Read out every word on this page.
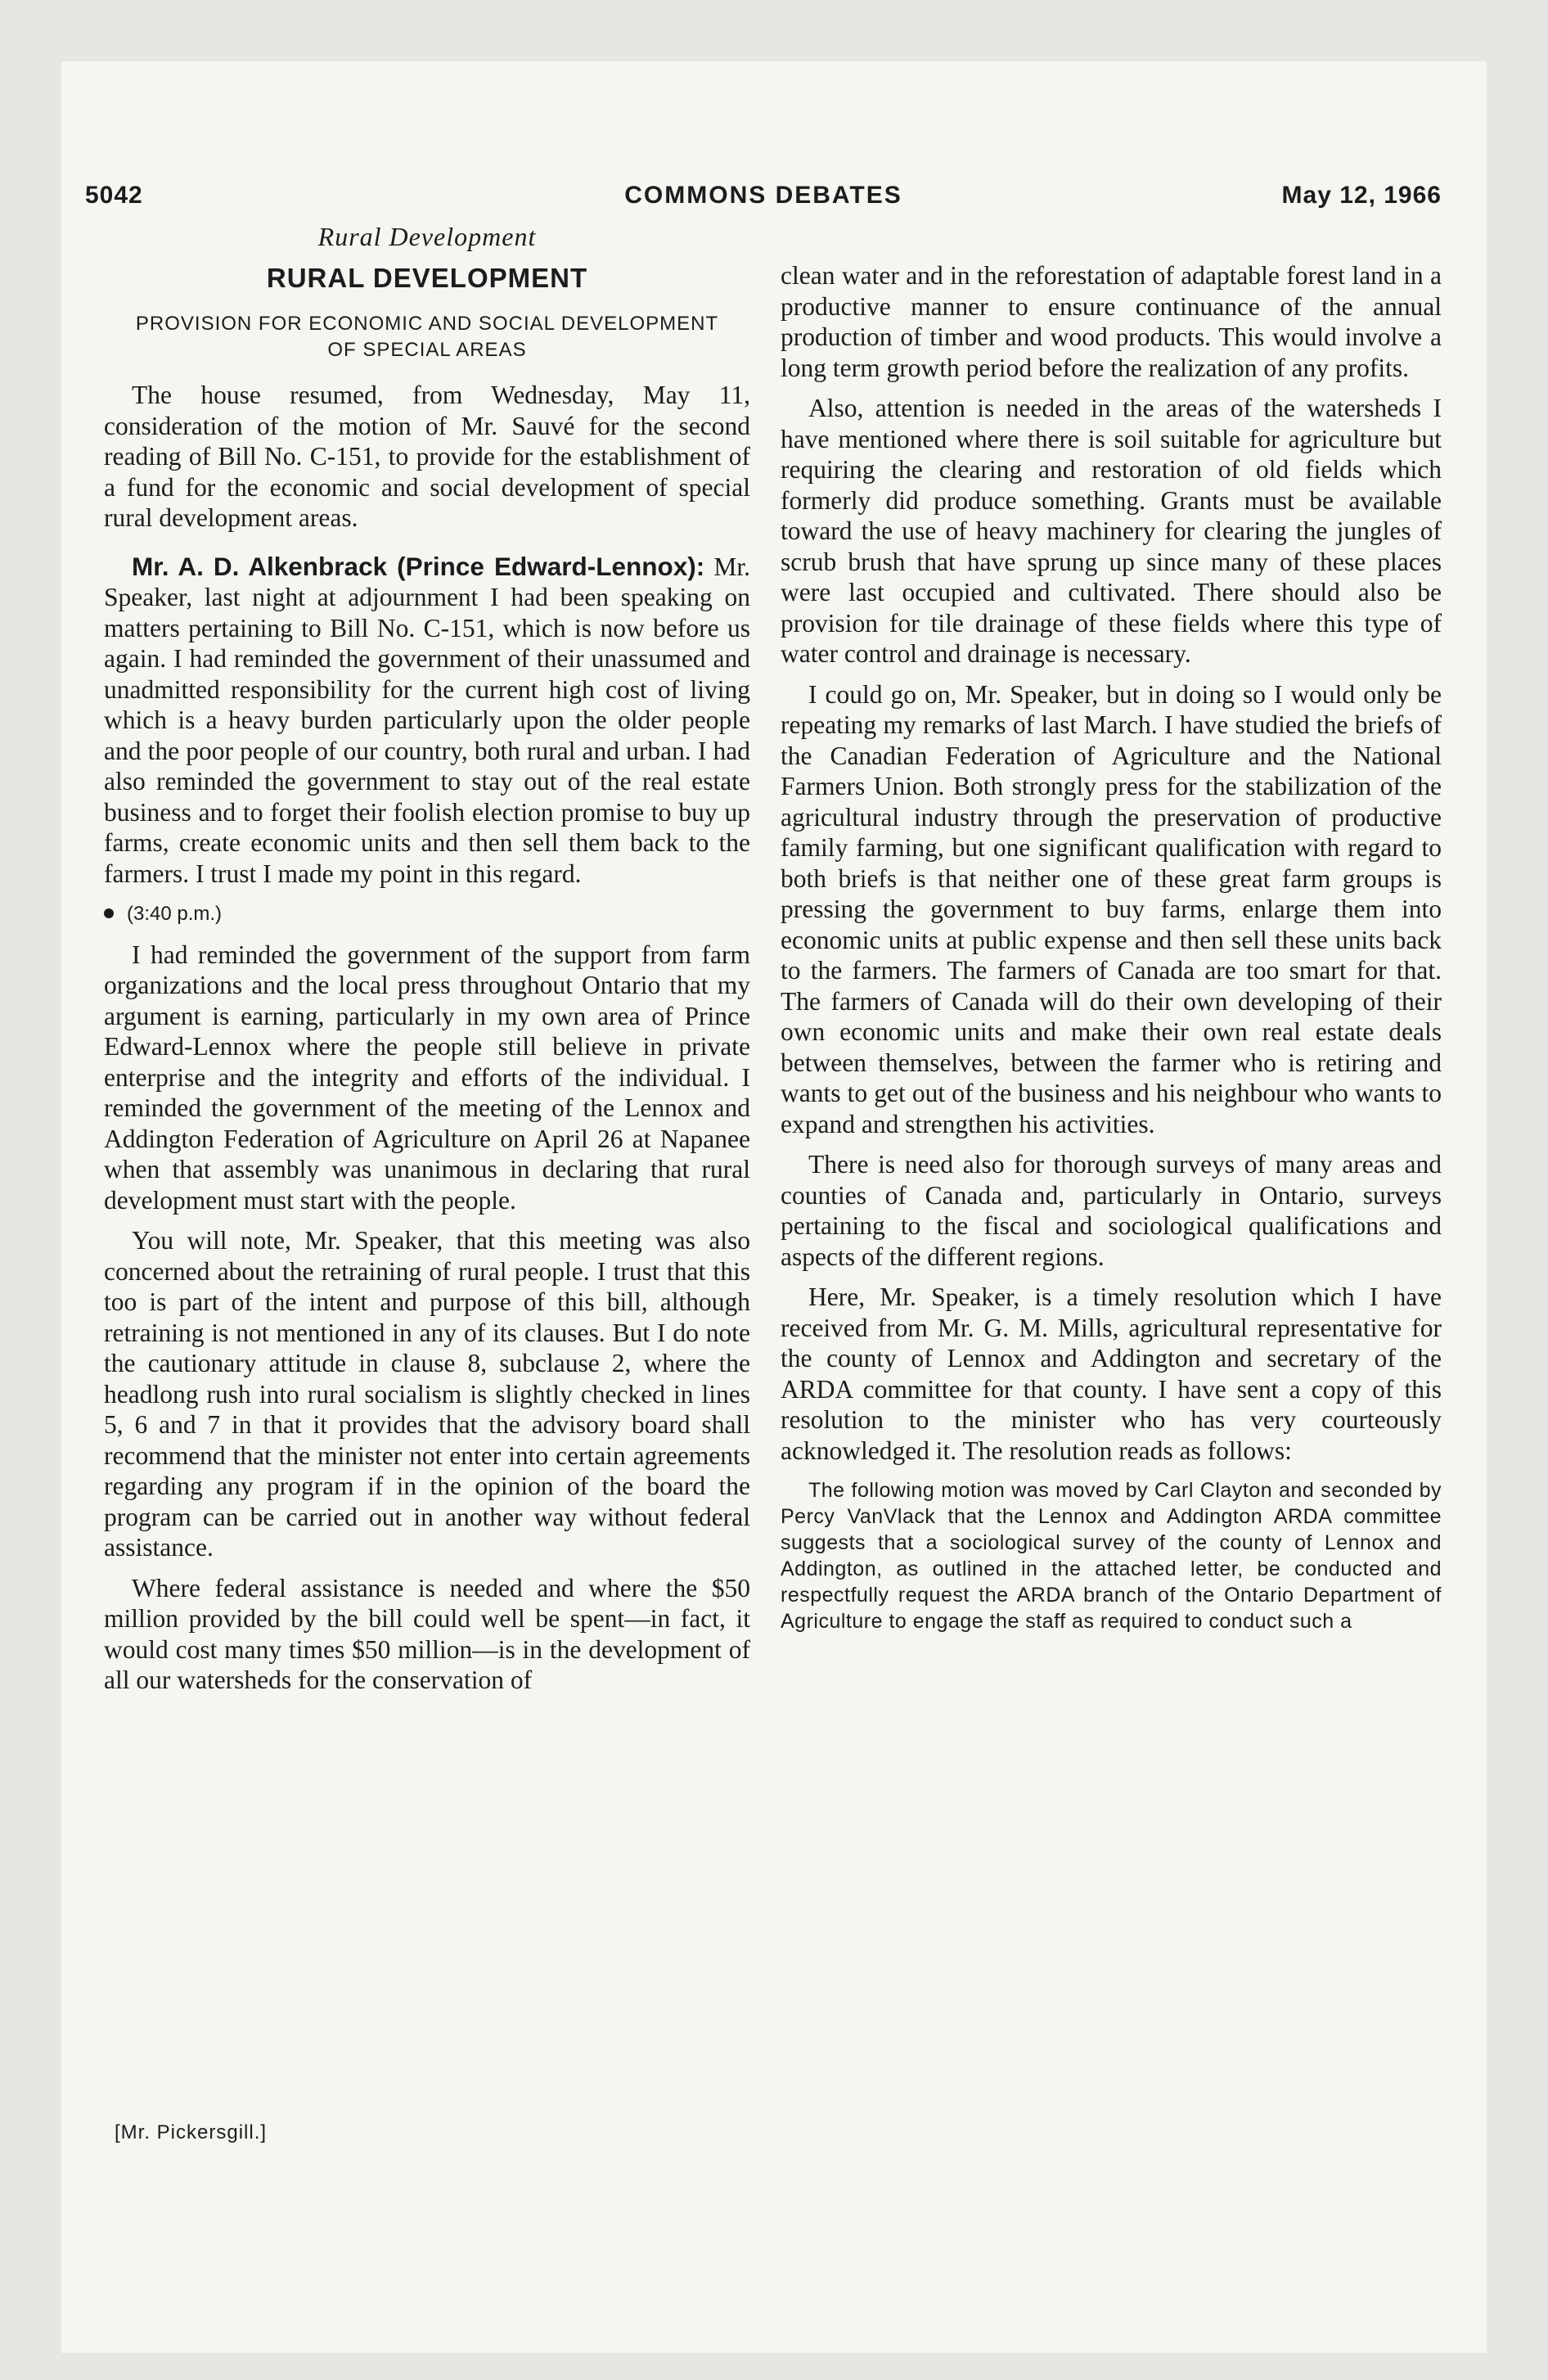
5042	COMMONS DEBATES	May 12, 1966
Rural Development
RURAL DEVELOPMENT
PROVISION FOR ECONOMIC AND SOCIAL DEVELOPMENT OF SPECIAL AREAS

The house resumed, from Wednesday, May 11, consideration of the motion of Mr. Sauvé for the second reading of Bill No. C-151, to provide for the establishment of a fund for the economic and social development of special rural development areas.

Mr. A. D. Alkenbrack (Prince Edward-Lennox): Mr. Speaker, last night at adjournment I had been speaking on matters pertaining to Bill No. C-151, which is now before us again. I had reminded the government of their unassumed and unadmitted responsibility for the current high cost of living which is a heavy burden particularly upon the older people and the poor people of our country, both rural and urban. I had also reminded the government to stay out of the real estate business and to forget their foolish election promise to buy up farms, create economic units and then sell them back to the farmers. I trust I made my point in this regard.

(3:40 p.m.)

I had reminded the government of the support from farm organizations and the local press throughout Ontario that my argument is earning, particularly in my own area of Prince Edward-Lennox where the people still believe in private enterprise and the integrity and efforts of the individual. I reminded the government of the meeting of the Lennox and Addington Federation of Agriculture on April 26 at Napanee when that assembly was unanimous in declaring that rural development must start with the people.

You will note, Mr. Speaker, that this meeting was also concerned about the retraining of rural people. I trust that this too is part of the intent and purpose of this bill, although retraining is not mentioned in any of its clauses. But I do note the cautionary attitude in clause 8, subclause 2, where the headlong rush into rural socialism is slightly checked in lines 5, 6 and 7 in that it provides that the advisory board shall recommend that the minister not enter into certain agreements regarding any program if in the opinion of the board the program can be carried out in another way without federal assistance.

Where federal assistance is needed and where the $50 million provided by the bill could well be spent—in fact, it would cost many times $50 million—is in the development of all our watersheds for the conservation of

clean water and in the reforestation of adaptable forest land in a productive manner to ensure continuance of the annual production of timber and wood products. This would involve a long term growth period before the realization of any profits.

Also, attention is needed in the areas of the watersheds I have mentioned where there is soil suitable for agriculture but requiring the clearing and restoration of old fields which formerly did produce something. Grants must be available toward the use of heavy machinery for clearing the jungles of scrub brush that have sprung up since many of these places were last occupied and cultivated. There should also be provision for tile drainage of these fields where this type of water control and drainage is necessary.

I could go on, Mr. Speaker, but in doing so I would only be repeating my remarks of last March. I have studied the briefs of the Canadian Federation of Agriculture and the National Farmers Union. Both strongly press for the stabilization of the agricultural industry through the preservation of productive family farming, but one significant qualification with regard to both briefs is that neither one of these great farm groups is pressing the government to buy farms, enlarge them into economic units at public expense and then sell these units back to the farmers. The farmers of Canada are too smart for that. The farmers of Canada will do their own developing of their own economic units and make their own real estate deals between themselves, between the farmer who is retiring and wants to get out of the business and his neighbour who wants to expand and strengthen his activities.

There is need also for thorough surveys of many areas and counties of Canada and, particularly in Ontario, surveys pertaining to the fiscal and sociological qualifications and aspects of the different regions.

Here, Mr. Speaker, is a timely resolution which I have received from Mr. G. M. Mills, agricultural representative for the county of Lennox and Addington and secretary of the ARDA committee for that county. I have sent a copy of this resolution to the minister who has very courteously acknowledged it. The resolution reads as follows:

The following motion was moved by Carl Clayton and seconded by Percy VanVlack that the Lennox and Addington ARDA committee suggests that a sociological survey of the county of Lennox and Addington, as outlined in the attached letter, be conducted and respectfully request the ARDA branch of the Ontario Department of Agriculture to engage the staff as required to conduct such a
[Mr. Pickersgill.]
